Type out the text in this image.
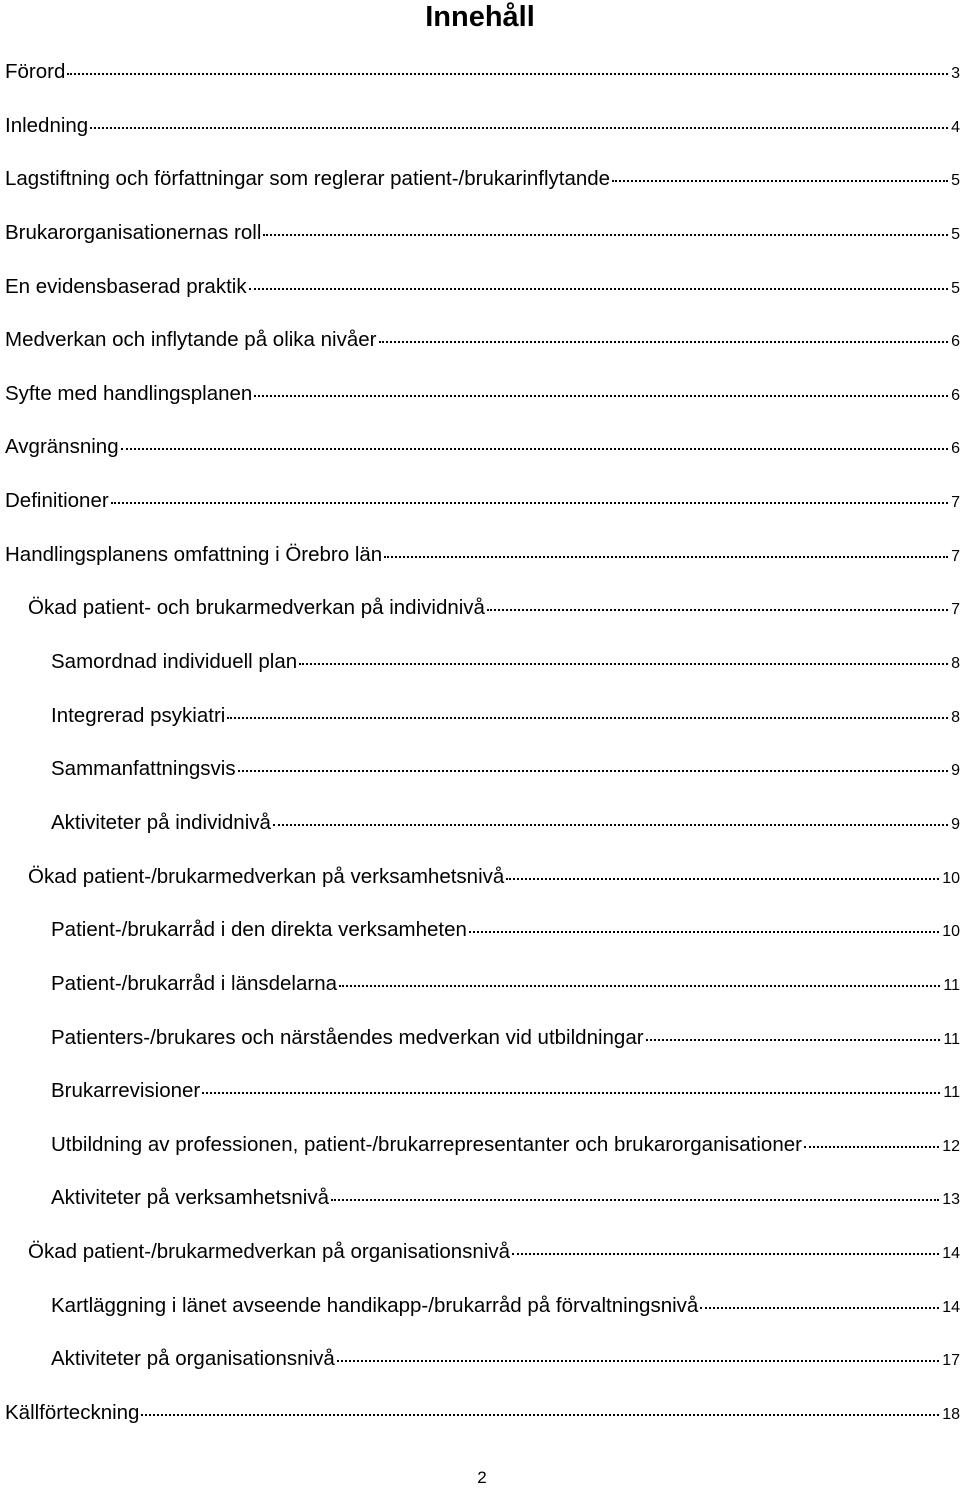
Innehåll
Förord	3
Inledning	4
Lagstiftning och författningar som reglerar patient-/brukarinflytande	5
Brukarorganisationernas roll	5
En evidensbaserad praktik	5
Medverkan och inflytande på olika nivåer	6
Syfte med handlingsplanen	6
Avgränsning	6
Definitioner	7
Handlingsplanens omfattning i Örebro län	7
Ökad patient- och brukarmedverkan på individnivå	7
Samordnad individuell plan	8
Integrerad psykiatri	8
Sammanfattningsvis	9
Aktiviteter på individnivå	9
Ökad patient-/brukarmedverkan på verksamhetsnivå	10
Patient-/brukarråd i den direkta verksamheten	10
Patient-/brukarråd i länsdelarna	11
Patienters-/brukares och närståendes medverkan vid utbildningar	11
Brukarrevisioner	11
Utbildning av professionen, patient-/brukarrepresentanter och brukarorganisationer	12
Aktiviteter på verksamhetsnivå	13
Ökad patient-/brukarmedverkan på organisationsnivå	14
Kartläggning i länet avseende handikapp-/brukarråd på förvaltningsnivå	14
Aktiviteter på organisationsnivå	17
Källförteckning	18
2
